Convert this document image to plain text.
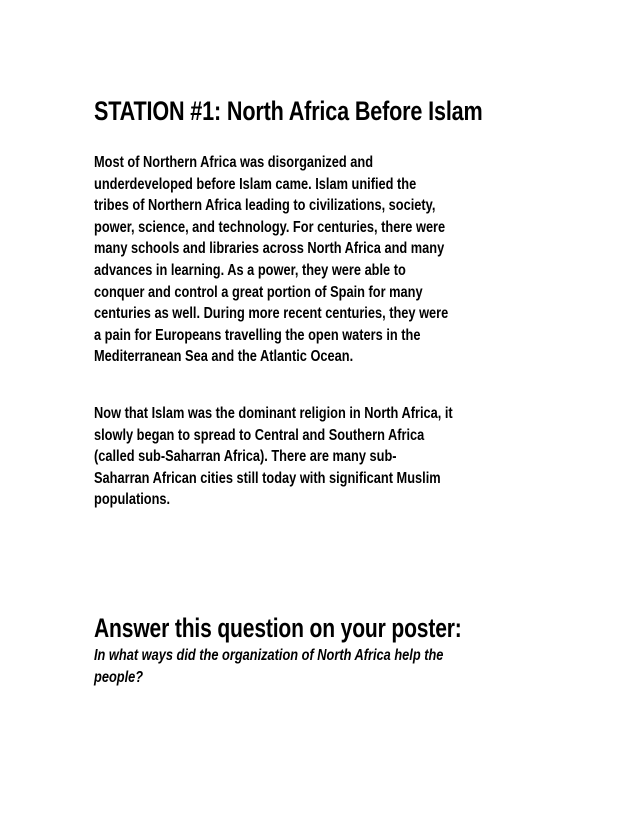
STATION #1: North Africa Before Islam

Most of Northern Africa was disorganized and
underdeveloped before Islam came. Islam unified the
tribes of Northern Africa leading to civilizations, society,
power, science, and technology. For centuries, there were
many schools and libraries across North Africa and many
advances in learning. As a power, they were able to
conquer and control a great portion of Spain for many
centuries as well. During more recent centuries, they were
a pain for Europeans travelling the open waters in the
Mediterranean Sea and the Atlantic Ocean.

Now that Islam was the dominant religion in North Africa, it
slowly began to spread to Central and Southern Africa
(called sub-Saharran Africa). There are many sub-
Saharran African cities still today with significant Muslim
populations.

Answer this question on your poster:

In what ways did the organization of North Africa help the
people?
